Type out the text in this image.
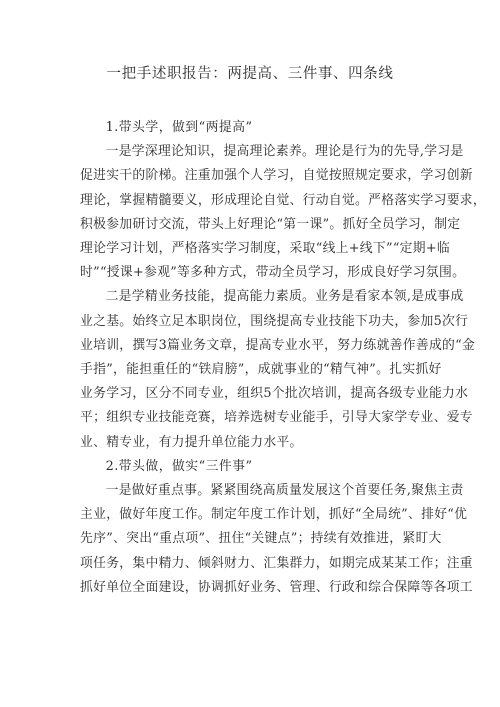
一把手述职报告：两提高、三件事、四条线

1.带头学，做到“两提高”

一是学深理论知识，提高理论素养。理论是行为的先导,学习是
促进实干的阶梯。注重加强个人学习，自觉按照规定要求，学习创新
理论，掌握精髓要义，形成理论自觉、行动自觉。严格落实学习要求，
积极参加研讨交流，带头上好理论“第一课”。抓好全员学习，制定
理论学习计划，严格落实学习制度，采取“线上+线下”“定期+临
时”“授课+参观”等多种方式，带动全员学习，形成良好学习氛围。

二是学精业务技能，提高能力素质。业务是看家本领,是成事成
业之基。始终立足本职岗位，围绕提高专业技能下功夫，参加5次行
业培训，撰写3篇业务文章，提高专业水平，努力练就善作善成的“金
手指”，能担重任的“铁肩膀”，成就事业的“精气神”。扎实抓好
业务学习，区分不同专业，组织5个批次培训，提高各级专业能力水
平；组织专业技能竞赛，培养选树专业能手，引导大家学专业、爱专
业、精专业，有力提升单位能力水平。

2.带头做，做实“三件事”

一是做好重点事。紧紧围绕高质量发展这个首要任务,聚焦主责
主业，做好年度工作。制定年度工作计划，抓好“全局统”、排好“优
先序”、突出“重点项”、扭住“关键点”；持续有效推进，紧盯大
项任务，集中精力、倾斜财力、汇集群力，如期完成某某工作；注重
抓好单位全面建设，协调抓好业务、管理、行政和综合保障等各项工
